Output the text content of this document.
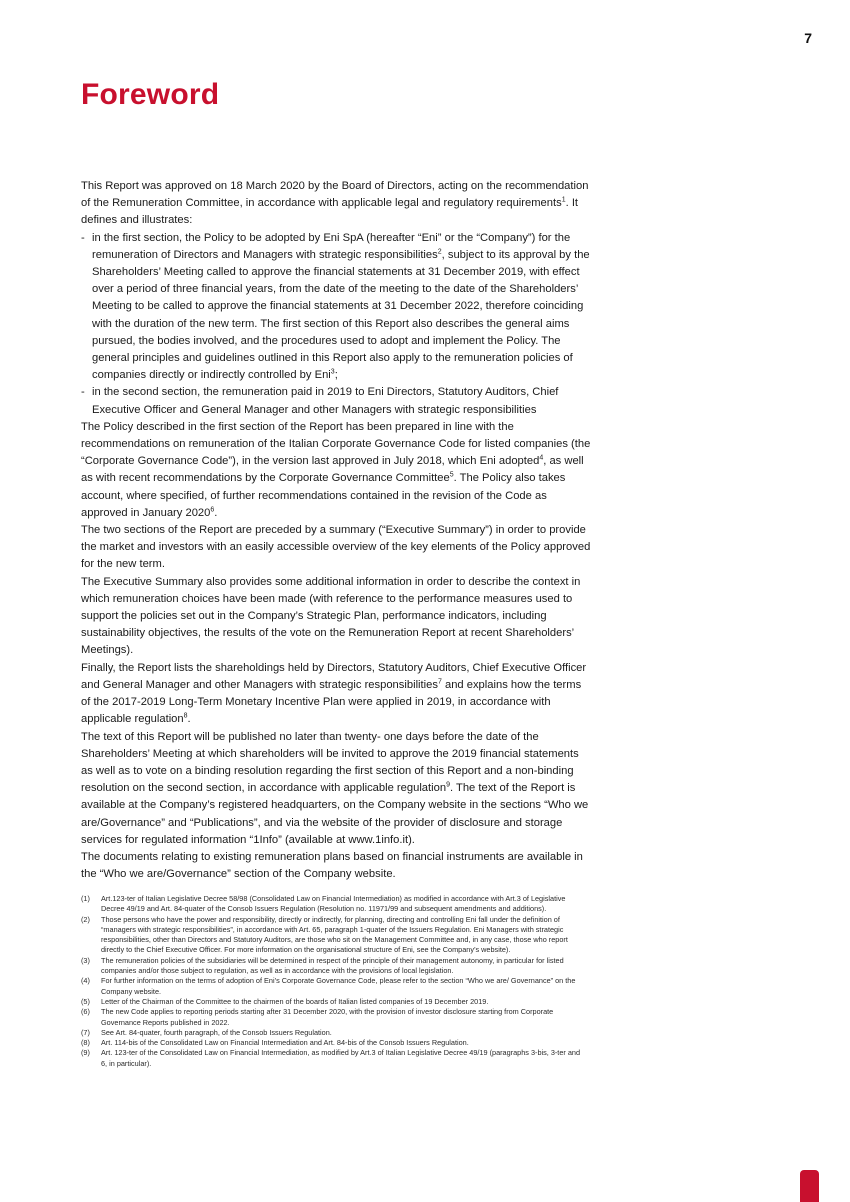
7
Foreword

This Report was approved on 18 March 2020 by the Board of Directors, acting on the recommendation of the Remuneration Committee, in accordance with applicable legal and regulatory requirements$^1$. It defines and illustrates:

- in the first section, the Policy to be adopted by Eni SpA (hereafter “Eni” or the “Company”) for the remuneration of Directors and Managers with strategic responsibilities$^2$, subject to its approval by the Shareholders’ Meeting called to approve the financial statements at 31 December 2019, with effect over a period of three financial years, from the date of the meeting to the date of the Shareholders’ Meeting to be called to approve the financial statements at 31 December 2022, therefore coinciding with the duration of the new term. The first section of this Report also describes the general aims pursued, the bodies involved, and the procedures used to adopt and implement the Policy. The general principles and guidelines outlined in this Report also apply to the remuneration policies of companies directly or indirectly controlled by Eni$^3$;
- in the second section, the remuneration paid in 2019 to Eni Directors, Statutory Auditors, Chief Executive Officer and General Manager and other Managers with strategic responsibilities

The Policy described in the first section of the Report has been prepared in line with the recommendations on remuneration of the Italian Corporate Governance Code for listed companies (the “Corporate Governance Code”), in the version last approved in July 2018, which Eni adopted$^4$, as well as with recent recommendations by the Corporate Governance Committee$^5$. The Policy also takes account, where specified, of further recommendations contained in the revision of the Code as approved in January 2020$^6$.

The two sections of the Report are preceded by a summary (“Executive Summary”) in order to provide the market and investors with an easily accessible overview of the key elements of the Policy approved for the new term.

The Executive Summary also provides some additional information in order to describe the context in which remuneration choices have been made (with reference to the performance measures used to support the policies set out in the Company’s Strategic Plan, performance indicators, including sustainability objectives, the results of the vote on the Remuneration Report at recent Shareholders’ Meetings).

Finally, the Report lists the shareholdings held by Directors, Statutory Auditors, Chief Executive Officer and General Manager and other Managers with strategic responsibilities$^7$ and explains how the terms of the 2017-2019 Long-Term Monetary Incentive Plan were applied in 2019, in accordance with applicable regulation$^8$.

The text of this Report will be published no later than twenty- one days before the date of the Shareholders’ Meeting at which shareholders will be invited to approve the 2019 financial statements as well as to vote on a binding resolution regarding the first section of this Report and a non-binding resolution on the second section, in accordance with applicable regulation$^9$. The text of the Report is available at the Company’s registered headquarters, on the Company website in the sections “Who we are/Governance” and “Publications”, and via the website of the provider of disclosure and storage services for regulated information “1Info” (available at www.1info.it).

The documents relating to existing remuneration plans based on financial instruments are available in the “Who we are/Governance” section of the Company website.

(1)	Art.123-ter of Italian Legislative Decree 58/98 (Consolidated Law on Financial Intermediation) as modified in accordance with Art.3 of Legislative Decree 49/19 and Art. 84-quater of the Consob Issuers Regulation (Resolution no. 11971/99 and subsequent amendments and additions).
(2)	Those persons who have the power and responsibility, directly or indirectly, for planning, directing and controlling Eni fall under the definition of “managers with strategic responsibilities”, in accordance with Art. 65, paragraph 1-quater of the Issuers Regulation. Eni Managers with strategic responsibilities, other than Directors and Statutory Auditors, are those who sit on the Management Committee and, in any case, those who report directly to the Chief Executive Officer. For more information on the organisational structure of Eni, see the Company’s website).
(3)	The remuneration policies of the subsidiaries will be determined in respect of the principle of their management autonomy, in particular for listed companies and/or those subject to regulation, as well as in accordance with the provisions of local legislation.
(4)	For further information on the terms of adoption of Eni’s Corporate Governance Code, please refer to the section “Who we are/ Governance” on the Company website.
(5)	Letter of the Chairman of the Committee to the chairmen of the boards of Italian listed companies of 19 December 2019.
(6)	The new Code applies to reporting periods starting after 31 December 2020, with the provision of investor disclosure starting from Corporate Governance Reports published in 2022.
(7)	See Art. 84-quater, fourth paragraph, of the Consob Issuers Regulation.
(8)	Art. 114-bis of the Consolidated Law on Financial Intermediation and Art. 84-bis of the Consob Issuers Regulation.
(9)	Art. 123-ter of the Consolidated Law on Financial Intermediation, as modified by Art.3 of Italian Legislative Decree 49/19 (paragraphs 3-bis, 3-ter and 6, in particular).
